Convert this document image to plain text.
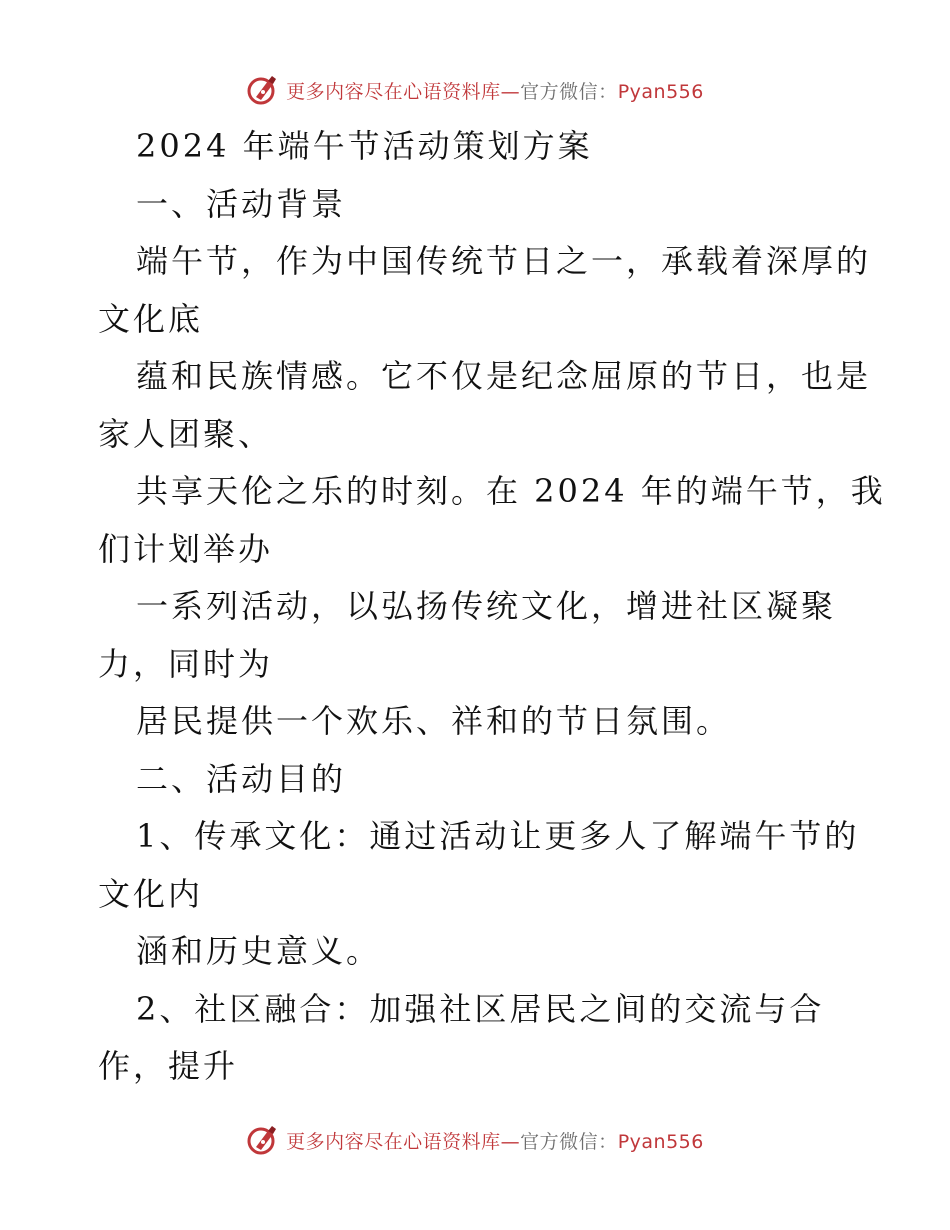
更多内容尽在心语资料库—官方微信：Pyan556
2024 年端午节活动策划方案
一、活动背景
端午节，作为中国传统节日之一，承载着深厚的
文化底
蕴和民族情感。它不仅是纪念屈原的节日，也是
家人团聚、
共享天伦之乐的时刻。在 2024 年的端午节，我
们计划举办
一系列活动，以弘扬传统文化，增进社区凝聚
力，同时为
居民提供一个欢乐、祥和的节日氛围。
二、活动目的
1、传承文化：通过活动让更多人了解端午节的
文化内
涵和历史意义。
2、社区融合：加强社区居民之间的交流与合
作，提升
更多内容尽在心语资料库—官方微信：Pyan556
